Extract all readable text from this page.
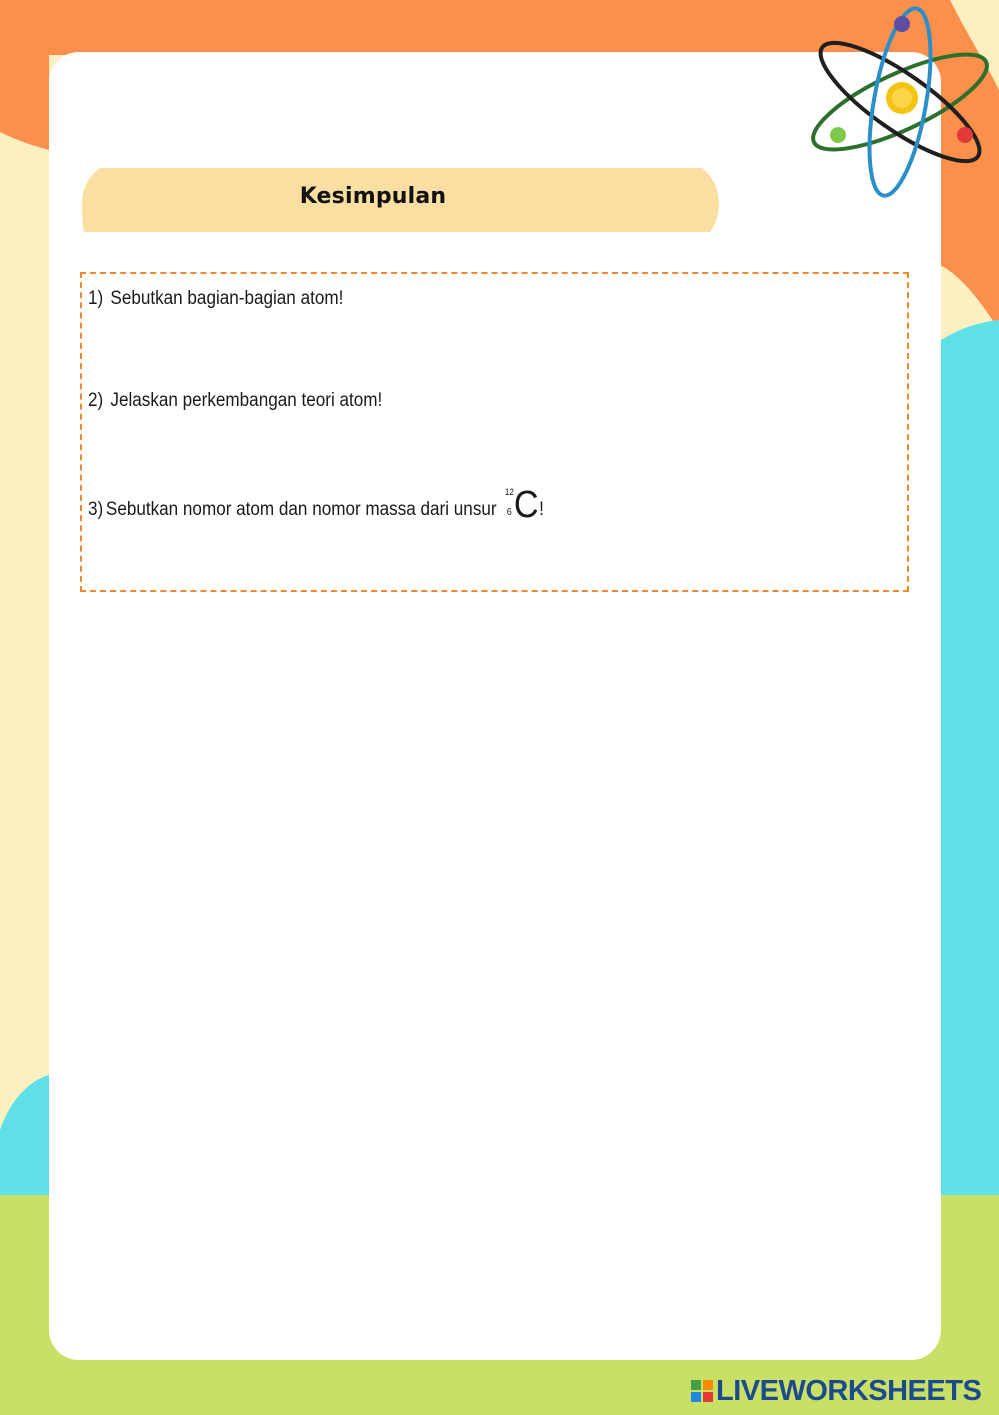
Kesimpulan
1) Sebutkan bagian-bagian atom!
2) Jelaskan perkembangan teori atom!
3) Sebutkan nomor atom dan nomor massa dari unsur
12
6 C !
LIVEWORKSHEETS
